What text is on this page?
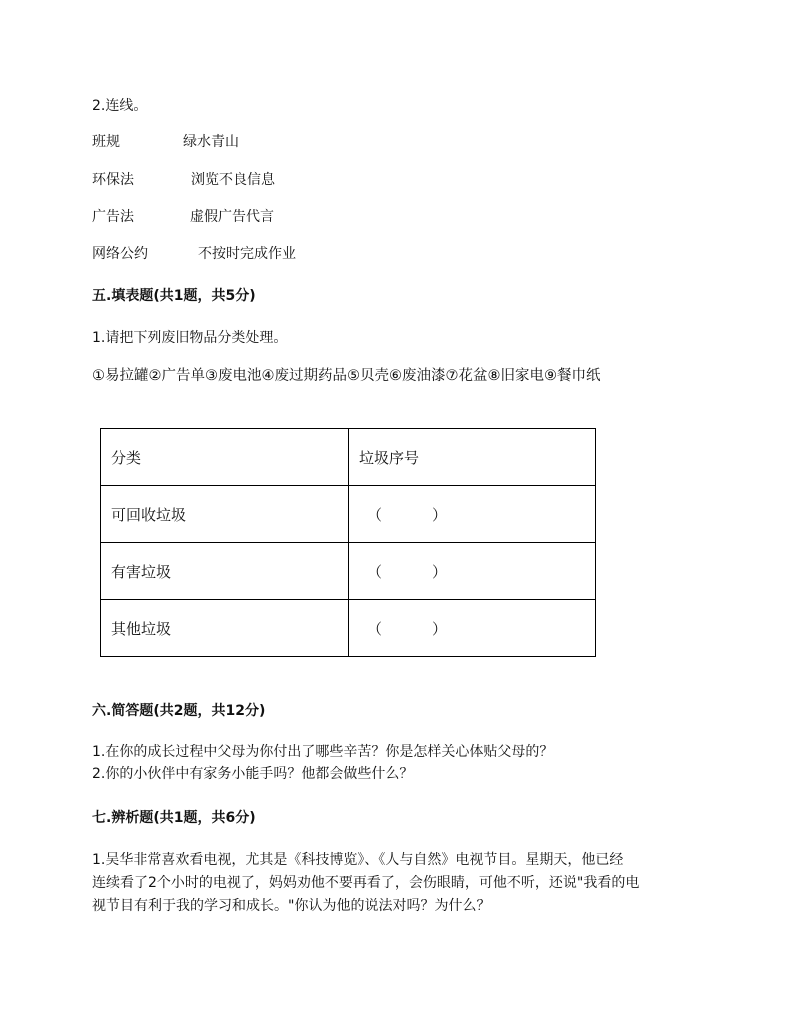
2.连线。
班规	绿水青山
环保法	浏览不良信息
广告法	虚假广告代言
网络公约	不按时完成作业
五.填表题(共1题，共5分)
1.请把下列废旧物品分类处理。
①易拉罐②广告单③废电池④废过期药品⑤贝壳⑥废油漆⑦花盆⑧旧家电⑨餐巾纸
分类	垃圾序号
可回收垃圾	（ ）
有害垃圾	（ ）
其他垃圾	（ ）
六.简答题(共2题，共12分)
1.在你的成长过程中父母为你付出了哪些辛苦？你是怎样关心体贴父母的？
2.你的小伙伴中有家务小能手吗？他都会做些什么？
七.辨析题(共1题，共6分)
1.吴华非常喜欢看电视，尤其是《科技博览》、《人与自然》电视节目。星期天，他已经
连续看了2个小时的电视了，妈妈劝他不要再看了，会伤眼睛，可他不听，还说"我看的电
视节目有利于我的学习和成长。"你认为他的说法对吗？为什么？
